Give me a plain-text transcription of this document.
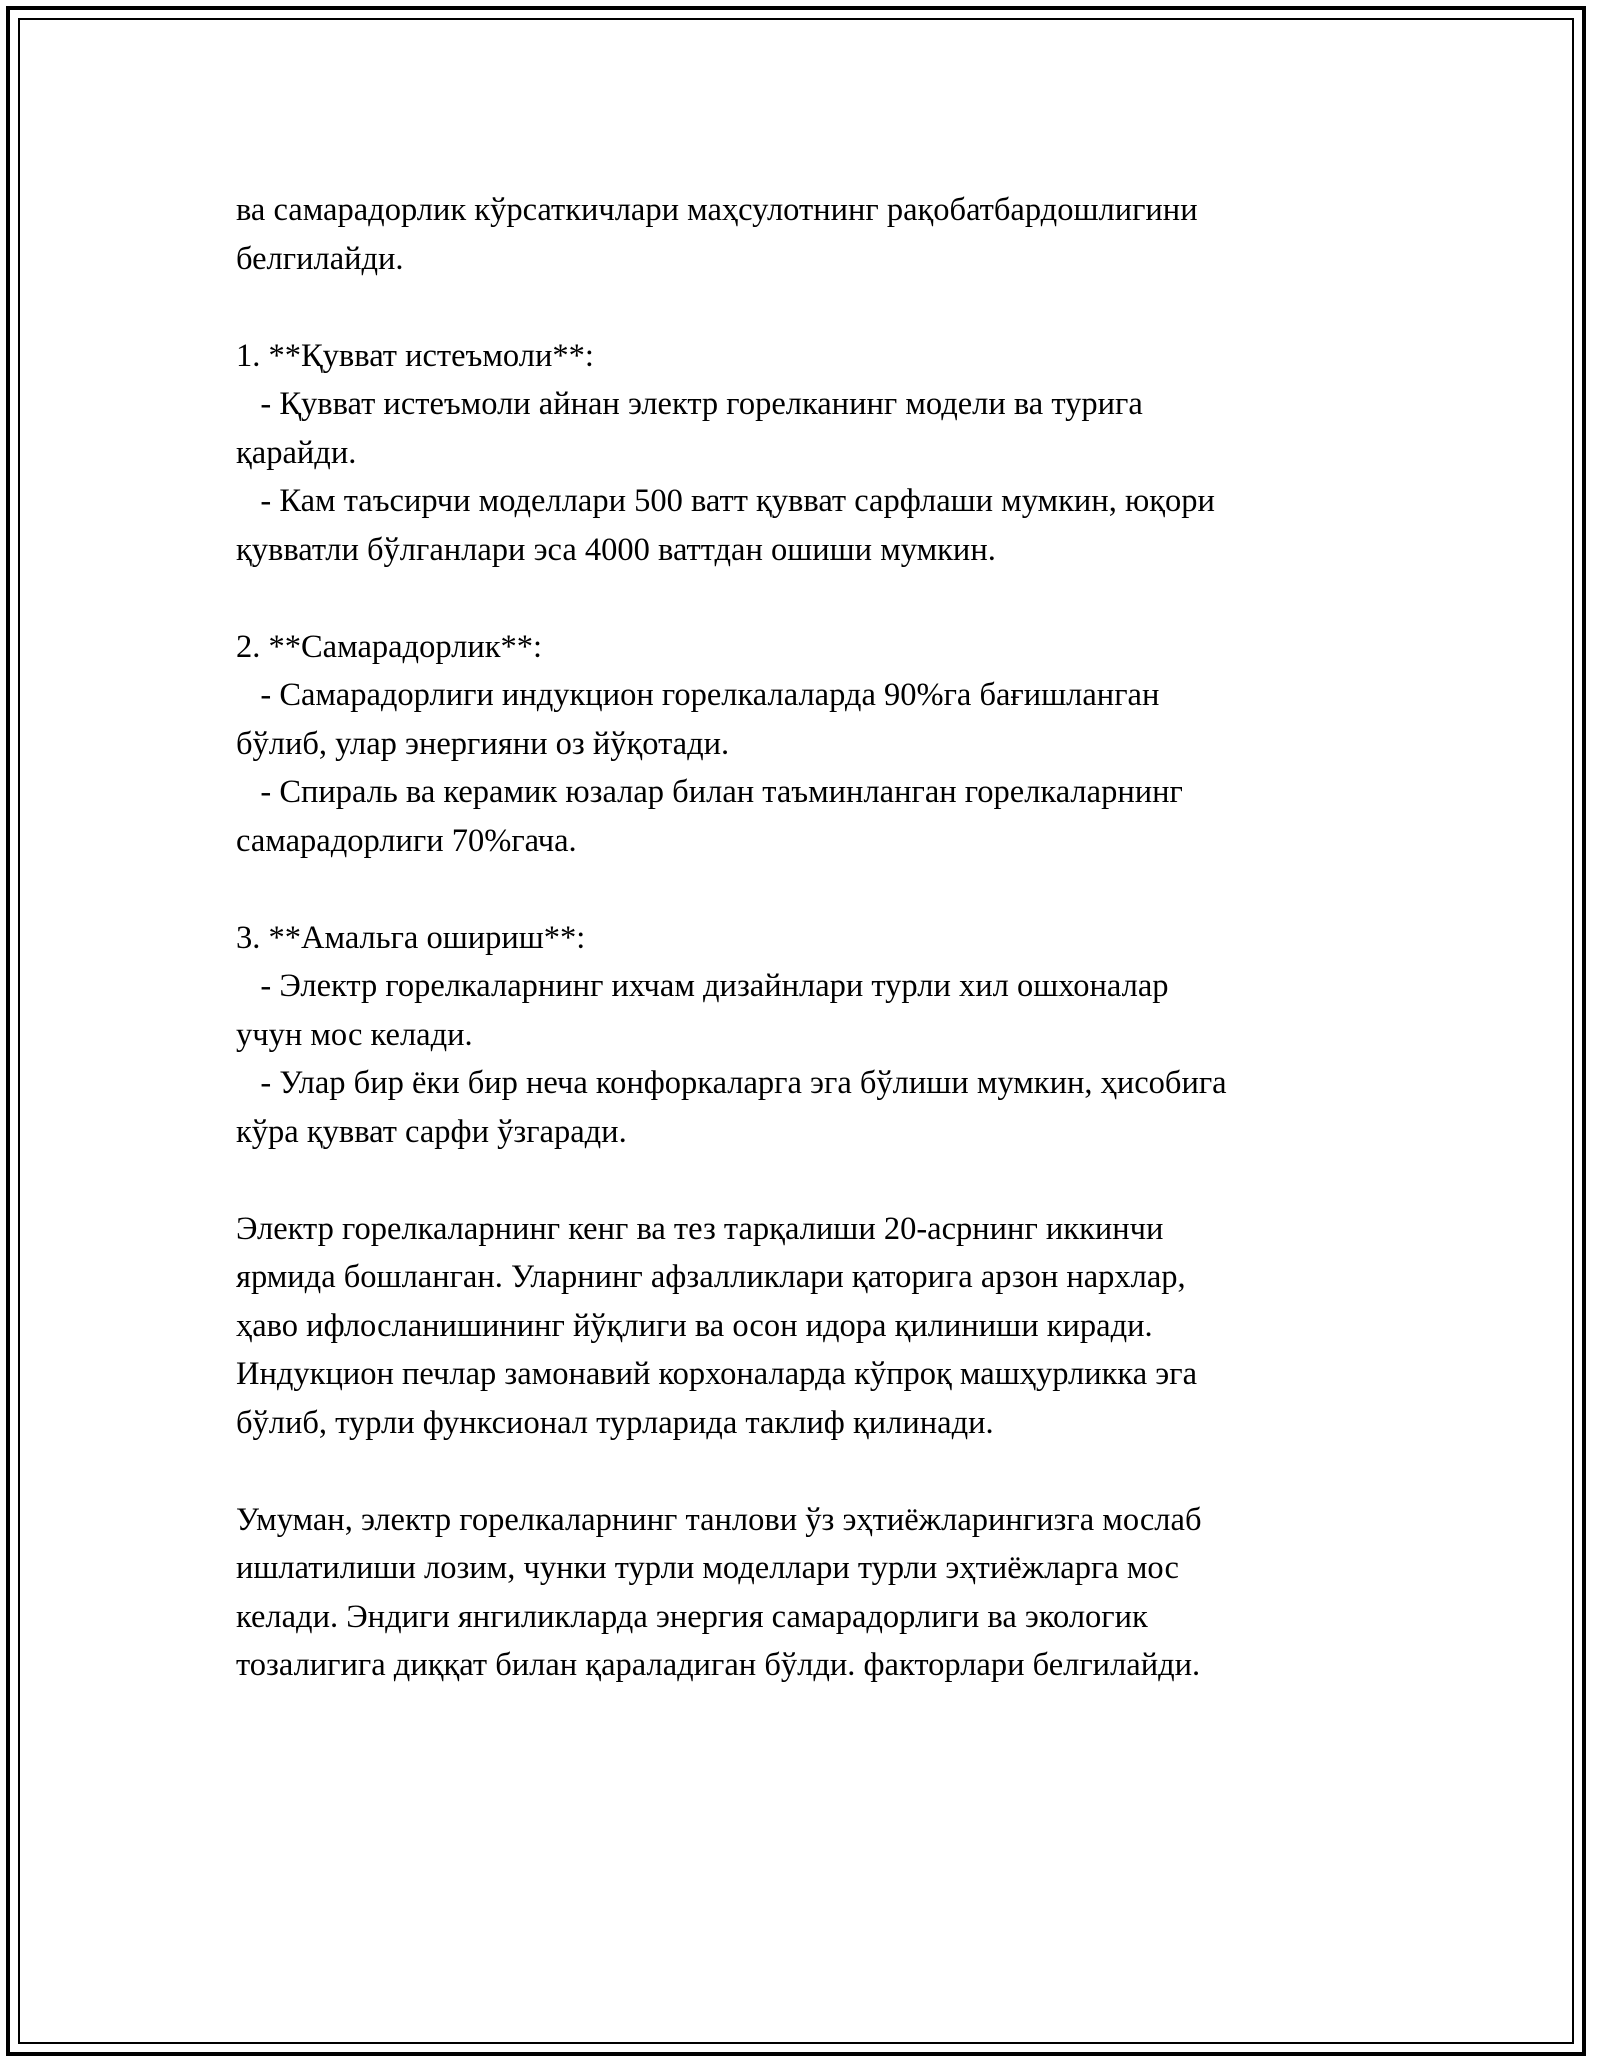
ва самарадорлик кўрсаткичлари маҳсулотнинг рақобатбардошлигини
белгилайди.
1. **Қувват истеъмоли**:
- Қувват истеъмоли айнан электр горелканинг модели ва турига
қарайди.
- Кам таъсирчи моделлари 500 ватт қувват сарфлаши мумкин, юқори
қувватли бўлганлари эса 4000 ваттдан ошиши мумкин.
2. **Самарадорлик**:
- Самарадорлиги индукцион горелкалаларда 90%га бағишланган
бўлиб, улар энергияни оз йўқотади.
- Спираль ва керамик юзалар билан таъминланган горелкаларнинг
самарадорлиги 70%гача.
3. **Амальга ошириш**:
- Электр горелкаларнинг ихчам дизайнлари турли хил ошхоналар
учун мос келади.
- Улар бир ёки бир неча конфоркаларга эга бўлиши мумкин, ҳисобига
кўра қувват сарфи ўзгаради.
Электр горелкаларнинг кенг ва тез тарқалиши 20-асрнинг иккинчи
ярмида бошланган. Уларнинг афзалликлари қаторига арзон нархлар,
ҳаво ифлосланишининг йўқлиги ва осон идора қилиниши киради.
Индукцион печлар замонавий корхоналарда кўпроқ машҳурликка эга
бўлиб, турли функсионал турларида таклиф қилинади.
Умуман, электр горелкаларнинг танлови ўз эҳтиёжларингизга мослаб
ишлатилиши лозим, чунки турли моделлари турли эҳтиёжларга мос
келади. Эндиги янгиликларда энергия самарадорлиги ва экологик
тозалигига диққат билан қараладиган бўлди. факторлари белгилайди.
